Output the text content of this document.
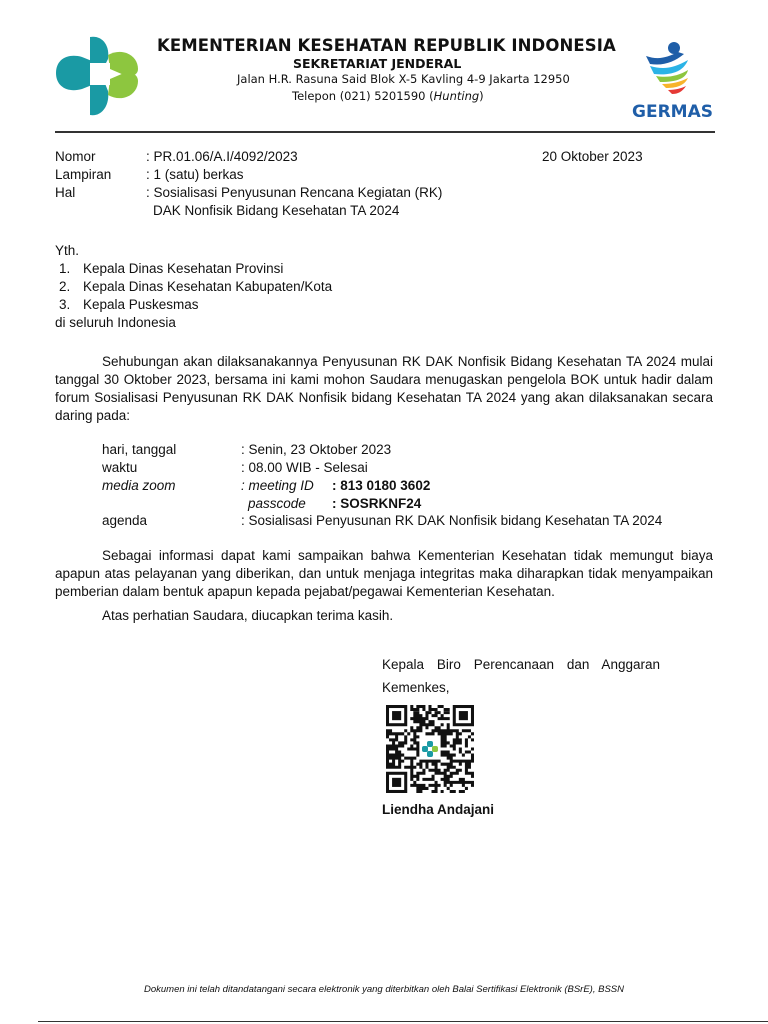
KEMENTERIAN KESEHATAN REPUBLIK INDONESIA
SEKRETARIAT JENDERAL
Jalan H.R. Rasuna Said Blok X-5 Kavling 4-9 Jakarta 12950
Telepon (021) 5201590 (Hunting)
GERMAS
Nomor	: PR.01.06/A.I/4092/2023	20 Oktober 2023
Lampiran	: 1 (satu) berkas
Hal	: Sosialisasi Penyusunan Rencana Kegiatan (RK)
DAK Nonfisik Bidang Kesehatan TA 2024
Yth.
1. Kepala Dinas Kesehatan Provinsi
2. Kepala Dinas Kesehatan Kabupaten/Kota
3. Kepala Puskesmas
di seluruh Indonesia
Sehubungan akan dilaksanakannya Penyusunan RK DAK Nonfisik Bidang Kesehatan TA 2024 mulai tanggal 30 Oktober 2023, bersama ini kami mohon Saudara menugaskan pengelola BOK untuk hadir dalam forum Sosialisasi Penyusunan RK DAK Nonfisik bidang Kesehatan TA 2024 yang akan dilaksanakan secara daring pada:
hari, tanggal	: Senin, 23 Oktober 2023
waktu	: 08.00 WIB - Selesai
media zoom	: meeting ID : 813 0180 3602
passcode : SOSRKNF24
agenda	: Sosialisasi Penyusunan RK DAK Nonfisik bidang Kesehatan TA 2024
Sebagai informasi dapat kami sampaikan bahwa Kementerian Kesehatan tidak memungut biaya apapun atas pelayanan yang diberikan, dan untuk menjaga integritas maka diharapkan tidak menyampaikan pemberian dalam bentuk apapun kepada pejabat/pegawai Kementerian Kesehatan.
Atas perhatian Saudara, diucapkan terima kasih.
Kepala Biro Perencanaan dan Anggaran
Kemenkes,
Liendha Andajani
Dokumen ini telah ditandatangani secara elektronik yang diterbitkan oleh Balai Sertifikasi Elektronik (BSrE), BSSN
